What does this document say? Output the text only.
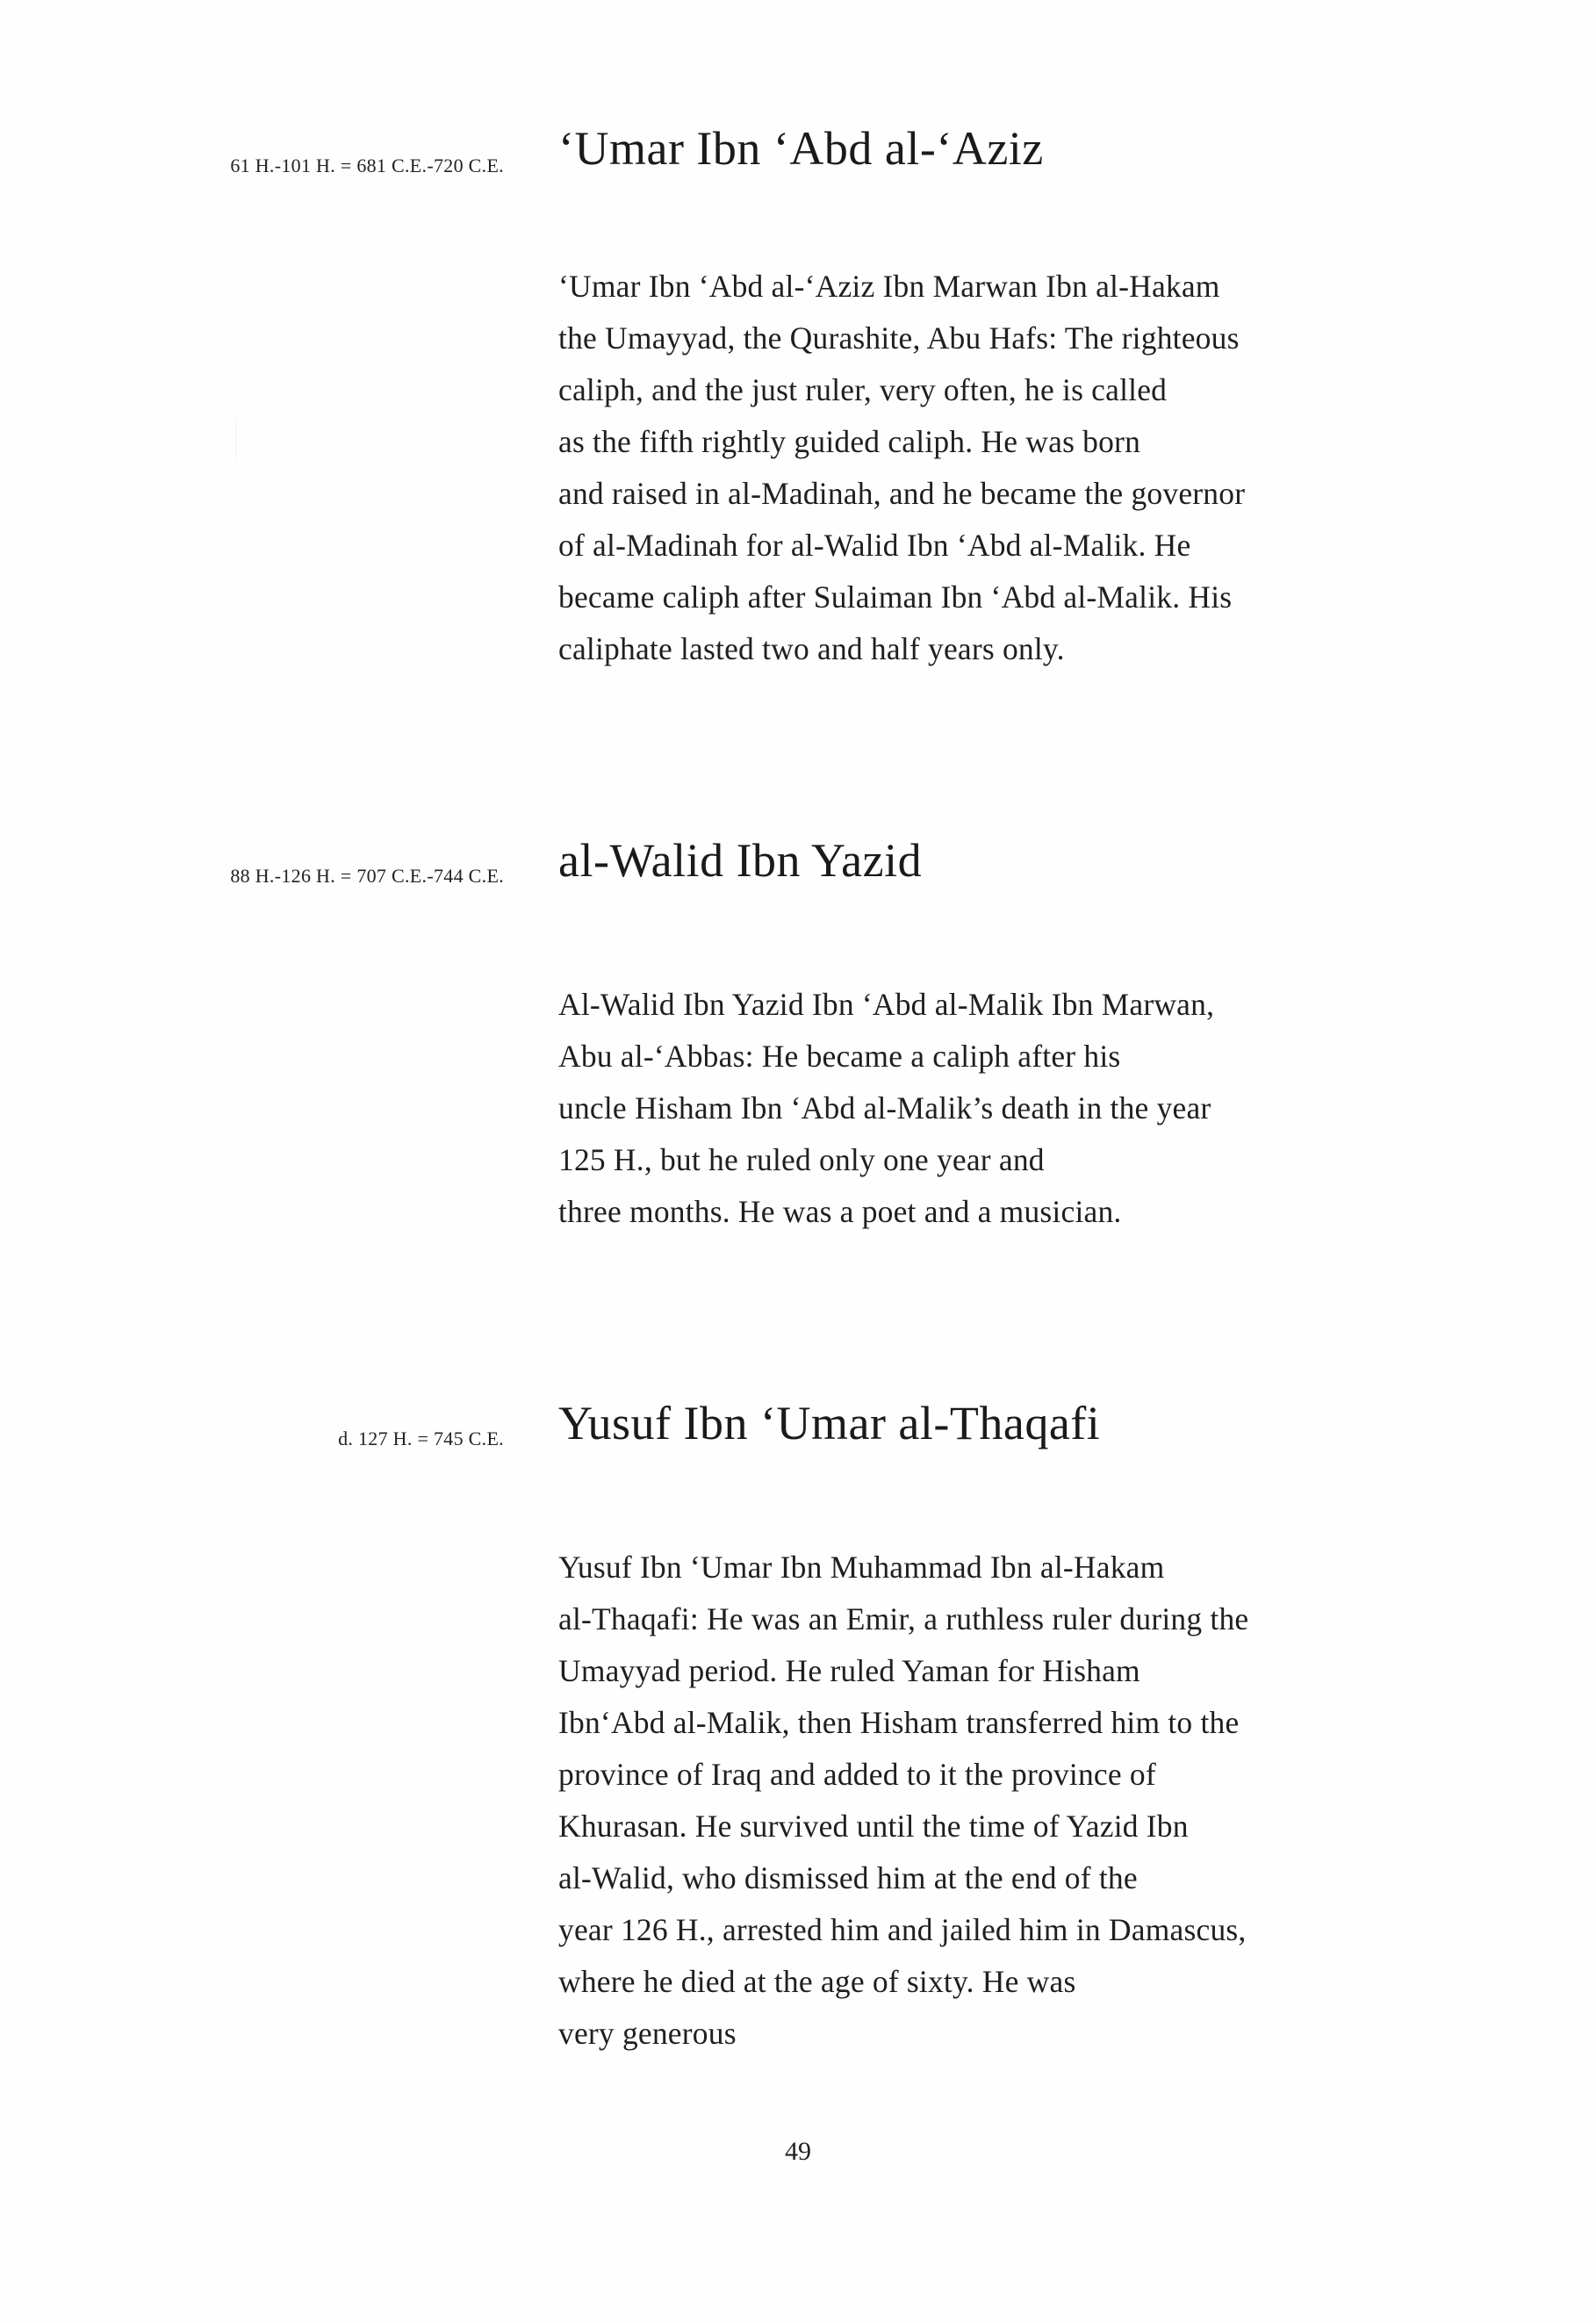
61 H.-101 H. = 681 C.E.-720 C.E. ‘Umar Ibn ‘Abd al-‘Aziz
‘Umar Ibn ‘Abd al-‘Aziz Ibn Marwan Ibn al-Hakam
the Umayyad, the Qurashite, Abu Hafs: The righteous
caliph, and the just ruler, very often, he is called
as the fifth rightly guided caliph. He was born
and raised in al-Madinah, and he became the governor
of al-Madinah for al-Walid Ibn ‘Abd al-Malik. He
became caliph after Sulaiman Ibn ‘Abd al-Malik. His
caliphate lasted two and half years only.
88 H.-126 H. = 707 C.E.-744 C.E. al-Walid Ibn Yazid
Al-Walid Ibn Yazid Ibn ‘Abd al-Malik Ibn Marwan,
Abu al-‘Abbas: He became a caliph after his
uncle Hisham Ibn ‘Abd al-Malik’s death in the year
125 H., but he ruled only one year and
three months. He was a poet and a musician.
d. 127 H. = 745 C.E. Yusuf Ibn ‘Umar al-Thaqafi
Yusuf Ibn ‘Umar Ibn Muhammad Ibn al-Hakam
al-Thaqafi: He was an Emir, a ruthless ruler during the
Umayyad period. He ruled Yaman for Hisham
Ibn‘Abd al-Malik, then Hisham transferred him to the
province of Iraq and added to it the province of
Khurasan. He survived until the time of Yazid Ibn
al-Walid, who dismissed him at the end of the
year 126 H., arrested him and jailed him in Damascus,
where he died at the age of sixty. He was
very generous
49
